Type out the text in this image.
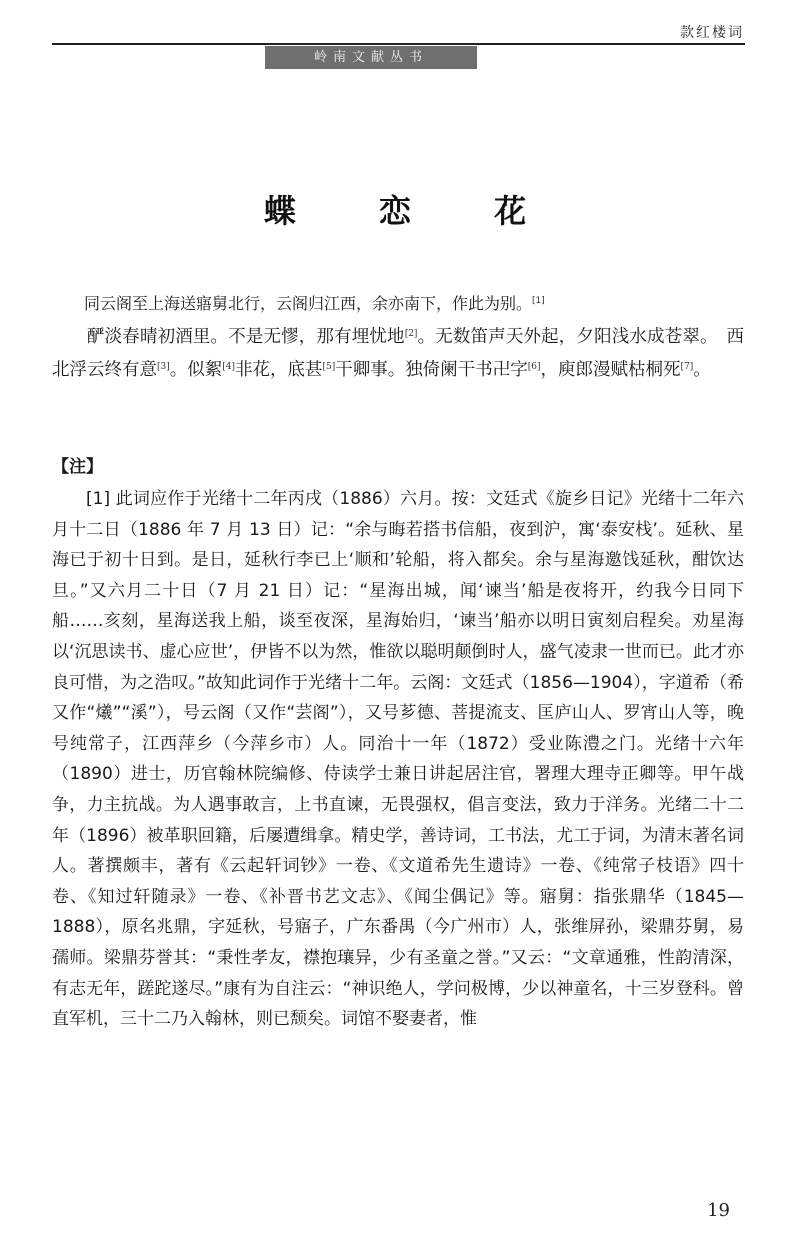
款红楼词
岭南文献丛书
蝶 恋 花

同云阁至上海送寤舅北行，云阁归江西，余亦南下，作此为别。[1]

酽淡春晴初酒里。不是无憀，那有埋忧地[2]。无数笛声天外起，夕阳浅水成苍翠。　西北浮云终有意[3]。似絮[4]非花，底甚[5]干卿事。独倚阑干书卍字[6]，庾郎漫赋枯桐死[7]。

【注】

[1] 此词应作于光绪十二年丙戌（1886）六月。按：文廷式《旋乡日记》光绪十二年六月十二日（1886 年 7 月 13 日）记：“余与晦若搭书信船，夜到沪，寓‘泰安栈’。延秋、星海已于初十日到。是日，延秋行李已上‘顺和’轮船，将入都矣。余与星海邀饯延秋，酣饮达旦。”又六月二十日（7 月 21 日）记：“星海出城，闻‘谏当’船是夜将开，约我今日同下船……亥刻，星海送我上船，谈至夜深，星海始归，‘谏当’船亦以明日寅刻启程矣。劝星海以‘沉思读书、虚心应世’，伊皆不以为然，惟欲以聪明颠倒时人，盛气凌隶一世而已。此才亦良可惜，为之浩叹。”故知此词作于光绪十二年。云阁：文廷式（1856—1904），字道希（希又作“爔”“溪”），号云阁（又作“芸阁”），又号芗德、菩提流支、匡庐山人、罗宵山人等，晚号纯常子，江西萍乡（今萍乡市）人。同治十一年（1872）受业陈澧之门。光绪十六年（1890）进士，历官翰林院编修、侍读学士兼日讲起居注官，署理大理寺正卿等。甲午战争，力主抗战。为人遇事敢言，上书直谏，无畏强权，倡言变法，致力于洋务。光绪二十二年（1896）被革职回籍，后屡遭缉拿。精史学，善诗词，工书法，尤工于词，为清末著名词人。著撰颇丰，著有《云起轩词钞》一卷、《文道希先生遗诗》一卷、《纯常子枝语》四十卷、《知过轩随录》一卷、《补晋书艺文志》、《闻尘偶记》等。寤舅：指张鼎华（1845—1888），原名兆鼎，字延秋，号寤子，广东番禺（今广州市）人，张维屏孙，梁鼎芬舅，易孺师。梁鼎芬誉其：“秉性孝友，襟抱瓖异，少有圣童之誉。”又云：“文章通雅，性韵清深，有志无年，蹉跎遂尽。”康有为自注云：“神识绝人，学问极博，少以神童名，十三岁登科。曾直军机，三十二乃入翰林，则已颓矣。词馆不娶妻者，惟

19
